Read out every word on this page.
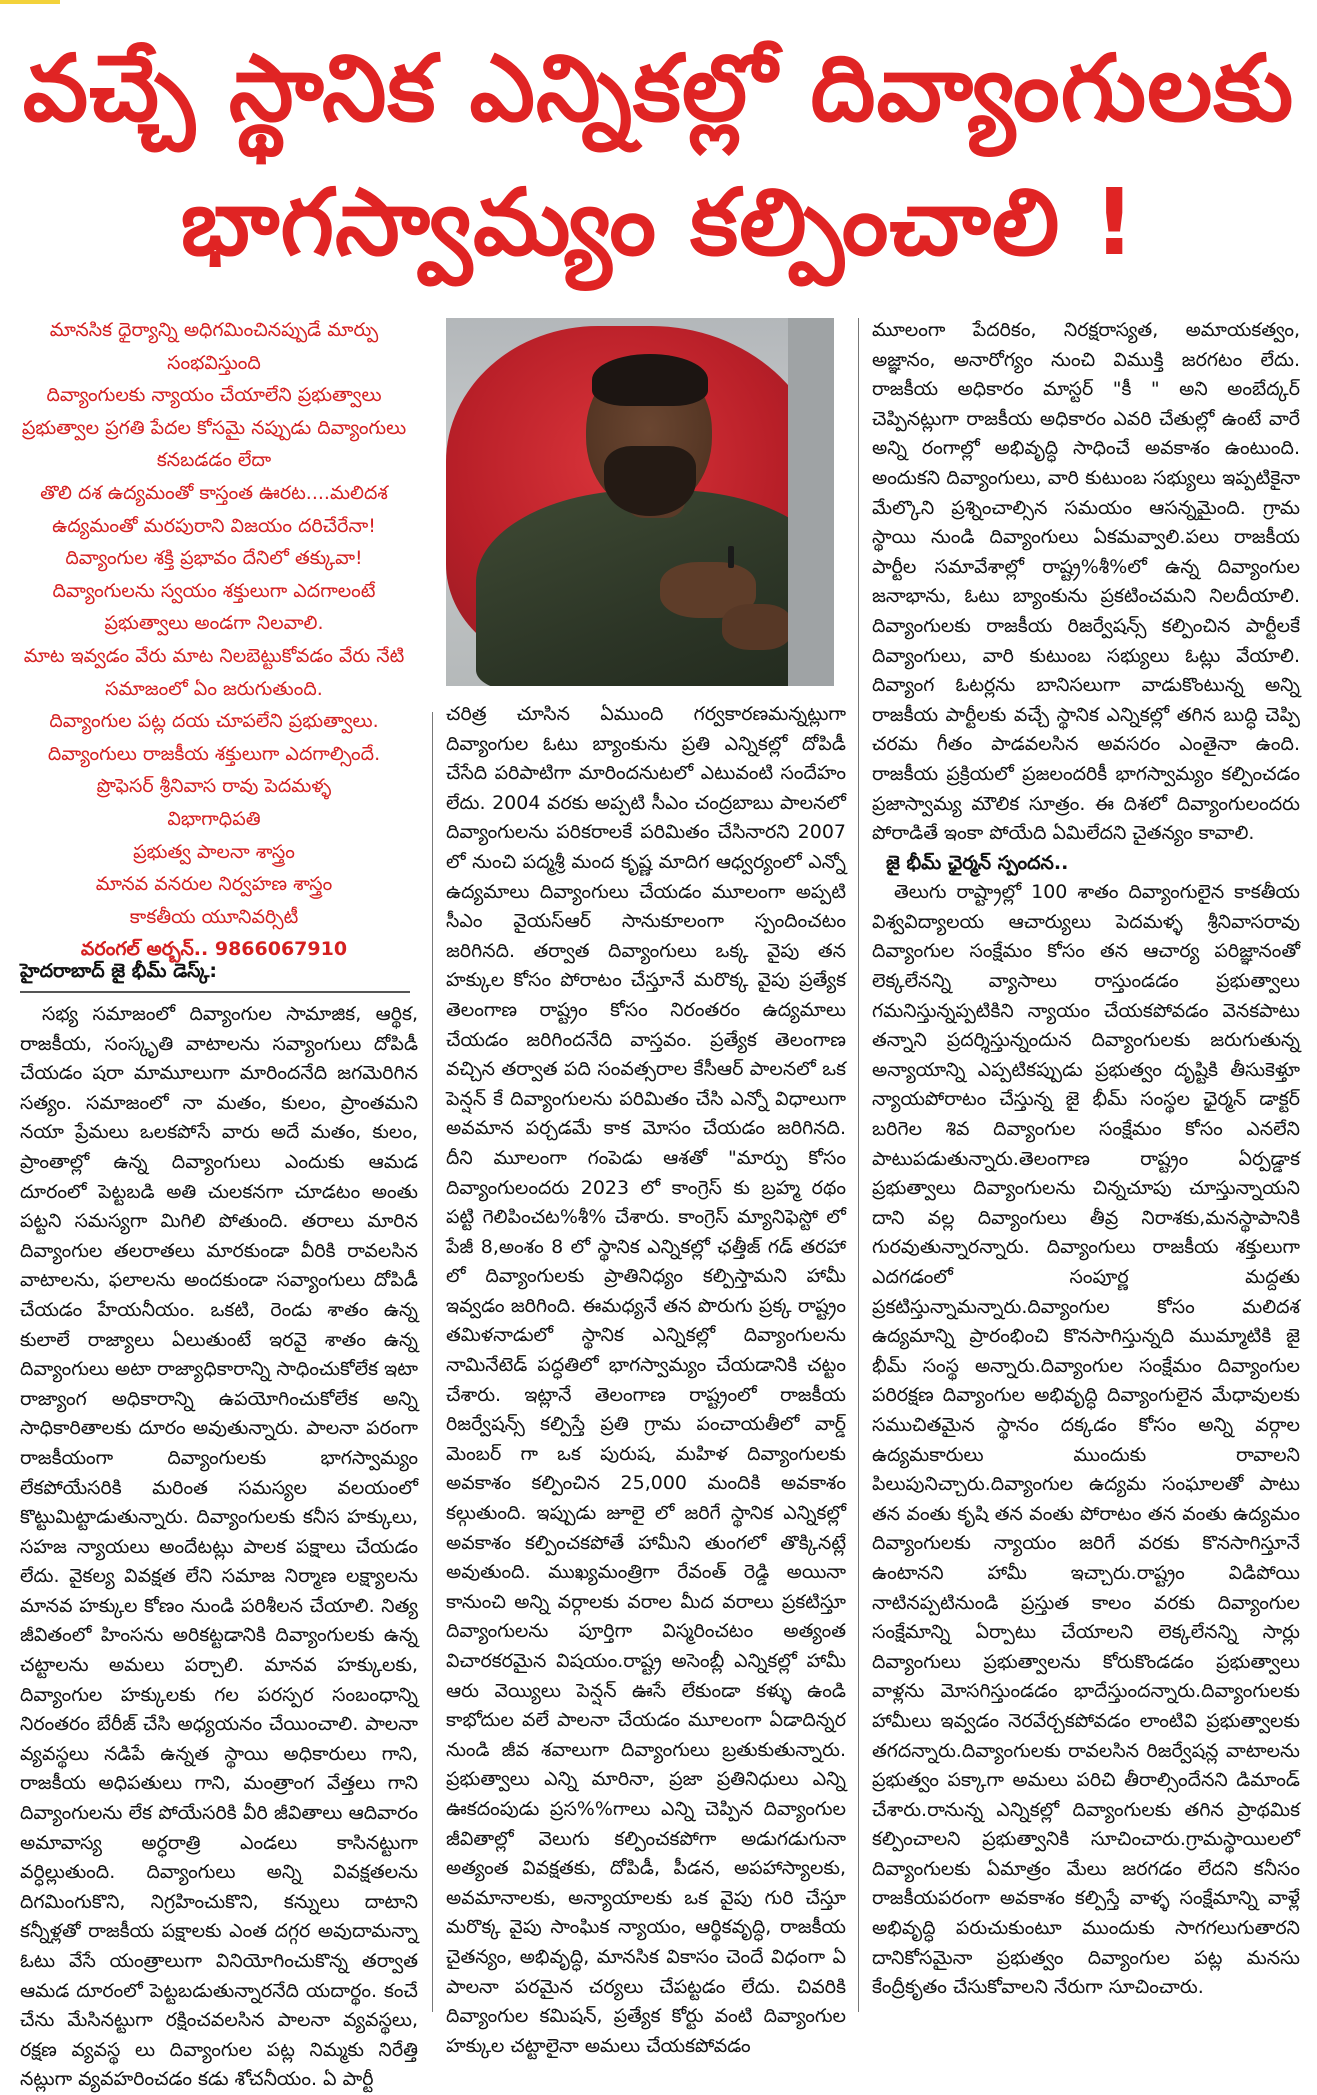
వచ్చే స్థానిక ఎన్నికల్లో దివ్యాంగులకు
భాగస్వామ్యం కల్పించాలి !
మానసిక ధైర్యాన్ని అధిగమించినప్పుడే మార్పు
సంభవిస్తుంది
దివ్యాంగులకు న్యాయం చేయాలేని ప్రభుత్వాలు
ప్రభుత్వాల ప్రగతి పేదల కోసమై నప్పుడు దివ్యాంగులు
కనబడడం లేదా
తొలి దశ ఉద్యమంతో కాస్తంత ఊరట....మలిదశ
ఉద్యమంతో మరపురాని విజయం దరిచేరేనా!
దివ్యాంగుల శక్తి ప్రభావం దేనిలో తక్కువా!
దివ్యాంగులను స్వయం శక్తులుగా ఎదగాలంటే
ప్రభుత్వాలు అండగా నిలవాలి.
మాట ఇవ్వడం వేరు మాట నిలబెట్టుకోవడం వేరు నేటి
సమాజంలో ఏం జరుగుతుంది.
దివ్యాంగుల పట్ల దయ చూపలేని ప్రభుత్వాలు.
దివ్యాంగులు రాజకీయ శక్తులుగా ఎదగాల్సిందే.
ప్రొఫెసర్ శ్రీనివాస రావు పెదమళ్ళ
విభాగాధిపతి
ప్రభుత్వ పాలనా శాస్త్రం
మానవ వనరుల నిర్వహణ శాస్త్రం
కాకతీయ యూనివర్సిటీ
వరంగల్ అర్బన్.. 9866067910
హైదరాబాద్ జై భీమ్ డెస్క్:

సభ్య సమాజంలో దివ్యాంగుల సామాజిక, ఆర్థిక, రాజకీయ, సంస్కృతి వాటాలను సవ్యాంగులు దోపిడీ చేయడం షరా మామూలుగా మారిందనేది జగమెరిగిన సత్యం. సమాజంలో నా మతం, కులం, ప్రాంతమని నయా ప్రేమలు ఒలకపోసే వారు అదే మతం, కులం, ప్రాంతాల్లో ఉన్న దివ్యాంగులు ఎందుకు ఆమడ దూరంలో పెట్టబడి అతి చులకనగా చూడటం అంతు పట్టని సమస్యగా మిగిలి పోతుంది. తరాలు మారిన దివ్యాంగుల తలరాతలు మారకుండా వీరికి రావలసిన వాటాలను, ఫలాలను అందకుండా సవ్యాంగులు దోపిడీ చేయడం హేయనీయం. ఒకటి, రెండు శాతం ఉన్న కులాలే రాజ్యాలు ఏలుతుంటే ఇరవై శాతం ఉన్న దివ్యాంగులు అటా రాజ్యాధికారాన్ని సాధించుకోలేక ఇటా రాజ్యాంగ అధికారాన్ని ఉపయోగించుకోలేక అన్ని సాధికారితాలకు దూరం అవుతున్నారు. పాలనా పరంగా రాజకీయంగా దివ్యాంగులకు భాగస్వామ్యం లేకపోయేసరికి మరింత సమస్యల వలయంలో కొట్టుమిట్టాడుతున్నారు. దివ్యాంగులకు కనీస హక్కులు, సహజ న్యాయలు అందేటట్లు పాలక పక్షాలు చేయడం లేదు. వైకల్య వివక్షత లేని సమాజ నిర్మాణ లక్ష్యాలను మానవ హక్కుల కోణం నుండి పరిశీలన చేయాలి. నిత్య జీవితంలో హింసను అరికట్టడానికి దివ్యాంగులకు ఉన్న చట్టాలను అమలు పర్చాలి. మానవ హక్కులకు, దివ్యాంగుల హక్కులకు గల పరస్పర సంబంధాన్ని నిరంతరం బేరీజ్ చేసి అధ్యయనం చేయించాలి. పాలనా వ్యవస్థలు నడిపే ఉన్నత స్థాయి అధికారులు గాని, రాజకీయ అధిపతులు గాని, మంత్రాంగ వేత్తలు గాని దివ్యాంగులను లేక పోయేసరికి వీరి జీవితాలు ఆదివారం అమావాస్య అర్ధరాత్రి ఎండలు కాసినట్టుగా వర్ధిల్లుతుంది. దివ్యాంగులు అన్ని వివక్షతలను దిగమింగుకొని, నిగ్రహించుకొని, కన్నులు దాటాని కన్నీళ్లతో రాజకీయ పక్షాలకు ఎంత దగ్గర అవుదామన్నా ఓటు వేసే యంత్రాలుగా వినియోగించుకొన్న తర్వాత ఆమడ దూరంలో పెట్టబడుతున్నారనేది యదార్థం. కంచే చేను మేసినట్టుగా రక్షించవలసిన పాలనా వ్యవస్థలు, రక్షణ వ్యవస్థ లు దివ్యాంగుల పట్ల నిమ్మకు నిరేత్తి నట్లుగా వ్యవహరించడం కడు శోచనీయం. ఏ పార్టీ

చరిత్ర చూసిన ఏముంది గర్వకారణమన్నట్లుగా దివ్యాంగుల ఓటు బ్యాంకును ప్రతి ఎన్నికల్లో దోపిడీ చేసేది పరిపాటిగా మారిందనుటలో ఎటువంటి సందేహం లేదు. 2004 వరకు అప్పటి సీఎం చంద్రబాబు పాలనలో దివ్యాంగులను పరికరాలకే పరిమితం చేసినారని 2007 లో నుంచి పద్మశ్రీ మంద కృష్ణ మాదిగ ఆధ్వర్యంలో ఎన్నో ఉద్యమాలు దివ్యాంగులు చేయడం మూలంగా అప్పటి సీఎం వైయస్ఆర్ సానుకూలంగా స్పందించటం జరిగినది. తర్వాత దివ్యాంగులు ఒక్క వైపు తన హక్కుల కోసం పోరాటం చేస్తూనే మరొక్క వైపు ప్రత్యేక తెలంగాణ రాష్ట్రం కోసం నిరంతరం ఉద్యమాలు చేయడం జరిగిందనేది వాస్తవం. ప్రత్యేక తెలంగాణ వచ్చిన తర్వాత పది సంవత్సరాల కేసీఆర్ పాలనలో ఒక పెన్షన్ కే దివ్యాంగులను పరిమితం చేసి ఎన్నో విధాలుగా అవమాన పర్చడమే కాక మోసం చేయడం జరిగినది. దీని మూలంగా గంపెడు ఆశతో "మార్పు కోసం దివ్యాంగులందరు 2023 లో కాంగ్రెస్ కు బ్రహ్మ రథం పట్టి గెలిపించట%శీ% చేశారు. కాంగ్రెస్ మ్యానిఫెస్టో లో పేజీ 8,అంశం 8 లో స్థానిక ఎన్నికల్లో ఛత్తీజ్ గడ్ తరహా లో దివ్యాంగులకు ప్రాతినిధ్యం కల్పిస్తామని హామీ ఇవ్వడం జరిగింది. ఈమధ్యనే తన పొరుగు ప్రక్క రాష్ట్రం తమిళనాడులో స్థానిక ఎన్నికల్లో దివ్యాంగులను నామినేటెడ్ పద్ధతిలో భాగస్వామ్యం చేయడానికి చట్టం చేశారు. ఇట్లానే తెలంగాణ రాష్ట్రంలో రాజకీయ రిజర్వేషన్స్ కల్పిస్తే ప్రతి గ్రామ పంచాయతీలో వార్డ్ మెంబర్ గా ఒక పురుష, మహిళ దివ్యాంగులకు అవకాశం కల్పించిన 25,000 మందికి అవకాశం కల్గుతుంది. ఇప్పుడు జూలై లో జరిగే స్థానిక ఎన్నికల్లో అవకాశం కల్పించకపోతే హామీని తుంగలో తొక్కినట్లే అవుతుంది. ముఖ్యమంత్రిగా రేవంత్ రెడ్డి అయినా కానుంచి అన్ని వర్గాలకు వరాల మీద వరాలు ప్రకటిస్తూ దివ్యాంగులను పూర్తిగా విస్మరించటం అత్యంత విచారకరమైన విషయం.రాష్ట్ర అసెంబ్లీ ఎన్నికల్లో హామీ ఆరు వెయ్యిలు పెన్షన్ ఊసే లేకుండా కళ్ళు ఉండి కాభోదుల వలే పాలనా చేయడం మూలంగా ఏడాదిన్నర నుండి జీవ శవాలుగా దివ్యాంగులు బ్రతుకుతున్నారు. ప్రభుత్వాలు ఎన్ని మారినా, ప్రజా ప్రతినిధులు ఎన్ని ఊకదంపుడు ప్రస%%గాలు ఎన్ని చెప్పిన దివ్యాంగుల జీవితాల్లో వెలుగు కల్పించకపోగా అడుగడుగునా అత్యంత వివక్షతకు, దోపిడీ, పీడన, అపహాస్యాలకు, అవమానాలకు, అన్యాయాలకు ఒక వైపు గురి చేస్తూ మరొక్క వైపు సాంఘిక న్యాయం, ఆర్థికవృద్ధి, రాజకీయ చైతన్యం, అభివృద్ధి, మానసిక వికాసం చెందే విధంగా ఏ పాలనా పరమైన చర్యలు చేపట్టడం లేదు. చివరికి దివ్యాంగుల కమిషన్, ప్రత్యేక కోర్టు వంటి దివ్యాంగుల హక్కుల చట్టాలైనా అమలు చేయకపోవడం

మూలంగా పేదరికం, నిరక్షరాస్యత, అమాయకత్వం, అజ్ఞానం, అనారోగ్యం నుంచి విముక్తి జరగటం లేదు. రాజకీయ అధికారం మాస్టర్ "కీ " అని అంబేద్కర్ చెప్పినట్లుగా రాజకీయ అధికారం ఎవరి చేతుల్లో ఉంటే వారే అన్ని రంగాల్లో అభివృద్ధి సాధించే అవకాశం ఉంటుంది. అందుకని దివ్యాంగులు, వారి కుటుంబ సభ్యులు ఇప్పటికైనా మేల్కొని ప్రశ్నించాల్సిన సమయం ఆసన్నమైంది. గ్రామ స్థాయి నుండి దివ్యాంగులు ఏకమవ్వాలి.పలు రాజకీయ పార్టీల సమావేశాల్లో రాష్ట్ర%శీ%లో ఉన్న దివ్యాంగుల జనాభాను, ఓటు బ్యాంకును ప్రకటించమని నిలదీయాలి. దివ్యాంగులకు రాజకీయ రిజర్వేషన్స్ కల్పించిన పార్టీలకే దివ్యాంగులు, వారి కుటుంబ సభ్యులు ఓట్లు వేయాలి. దివ్యాంగ ఓటర్లను బానిసలుగా వాడుకొంటున్న అన్ని రాజకీయ పార్టీలకు వచ్చే స్థానిక ఎన్నికల్లో తగిన బుద్ధి చెప్పి చరమ గీతం పాడవలసిన అవసరం ఎంతైనా ఉంది. రాజకీయ ప్రక్రియలో ప్రజలందరికీ భాగస్వామ్యం కల్పించడం ప్రజాస్వామ్య మౌలిక సూత్రం. ఈ దిశలో దివ్యాంగులందరు పోరాడితే ఇంకా పోయేది ఏమిలేదని చైతన్యం కావాలి.

జై భీమ్ ఛైర్మన్ స్పందన..

తెలుగు రాష్ట్రాల్లో 100 శాతం దివ్యాంగులైన కాకతీయ విశ్వవిద్యాలయ ఆచార్యులు పెదమళ్ళ శ్రీనివాసరావు దివ్యాంగుల సంక్షేమం కోసం తన ఆచార్య పరిజ్ఞానంతో లెక్కలేనన్ని వ్యాసాలు రాస్తుండడం ప్రభుత్వాలు గమనిస్తున్నప్పటికిని న్యాయం చేయకపోవడం వెనకపాటు తన్నాని ప్రదర్శిస్తున్నందున దివ్యాంగులకు జరుగుతున్న అన్యాయాన్ని ఎప్పటికప్పుడు ప్రభుత్వం దృష్టికి తీసుకెళ్తూ న్యాయపోరాటం చేస్తున్న జై భీమ్ సంస్థల ఛైర్మన్ డాక్టర్ బరిగెల శివ దివ్యాంగుల సంక్షేమం కోసం ఎనలేని పాటుపడుతున్నారు.తెలంగాణ రాష్ట్రం ఏర్పడ్డాక ప్రభుత్వాలు దివ్యాంగులను చిన్నచూపు చూస్తున్నాయని దాని వల్ల దివ్యాంగులు తీవ్ర నిరాశకు,మనస్థాపానికి గురవుతున్నారన్నారు. దివ్యాంగులు రాజకీయ శక్తులుగా ఎదగడంలో సంపూర్ణ మద్దతు ప్రకటిస్తున్నామన్నారు.దివ్యాంగుల కోసం మలిదశ ఉద్యమాన్ని ప్రారంభించి కొనసాగిస్తున్నది ముమ్మాటికి జై భీమ్ సంస్థ అన్నారు.దివ్యాంగుల సంక్షేమం దివ్యాంగుల పరిరక్షణ దివ్యాంగుల అభివృద్ధి దివ్యాంగులైన మేధావులకు సముచితమైన స్థానం దక్కడం కోసం అన్ని వర్గాల ఉద్యమకారులు ముందుకు రావాలని పిలుపునిచ్చారు.దివ్యాంగుల ఉద్యమ సంఘాలతో పాటు తన వంతు కృషి తన వంతు పోరాటం తన వంతు ఉద్యమం దివ్యాంగులకు న్యాయం జరిగే వరకు కొనసాగిస్తూనే ఉంటానని హామీ ఇచ్చారు.రాష్ట్రం విడిపోయి నాటినప్పటినుండి ప్రస్తుత కాలం వరకు దివ్యాంగుల సంక్షేమాన్ని ఏర్పాటు చేయాలని లెక్కలేనన్ని సార్లు దివ్యాంగులు ప్రభుత్వాలను కోరుకొండడం ప్రభుత్వాలు వాళ్లను మోసగిస్తుండడం భాదేస్తుందన్నారు.దివ్యాంగులకు హామీలు ఇవ్వడం నెరవేర్చకపోవడం లాంటివి ప్రభుత్వాలకు తగదన్నారు.దివ్యాంగులకు రావలసిన రిజర్వేషన్ల వాటాలను ప్రభుత్వం పక్కాగా అమలు పరిచి తీరాల్సిందేనని డిమాండ్ చేశారు.రానున్న ఎన్నికల్లో దివ్యాంగులకు తగిన ప్రాథమిక కల్పించాలని ప్రభుత్వానికి సూచించారు.గ్రామస్థాయిలలో దివ్యాంగులకు ఏమాత్రం మేలు జరగడం లేదని కనీసం రాజకీయపరంగా అవకాశం కల్పిస్తే వాళ్ళ సంక్షేమాన్ని వాళ్లే అభివృద్ధి పరుచుకుంటూ ముందుకు సాగగలుగుతారని దానికోసమైనా ప్రభుత్వం దివ్యాంగుల పట్ల మనసు కేంద్రీకృతం చేసుకోవాలని నేరుగా సూచించారు.
